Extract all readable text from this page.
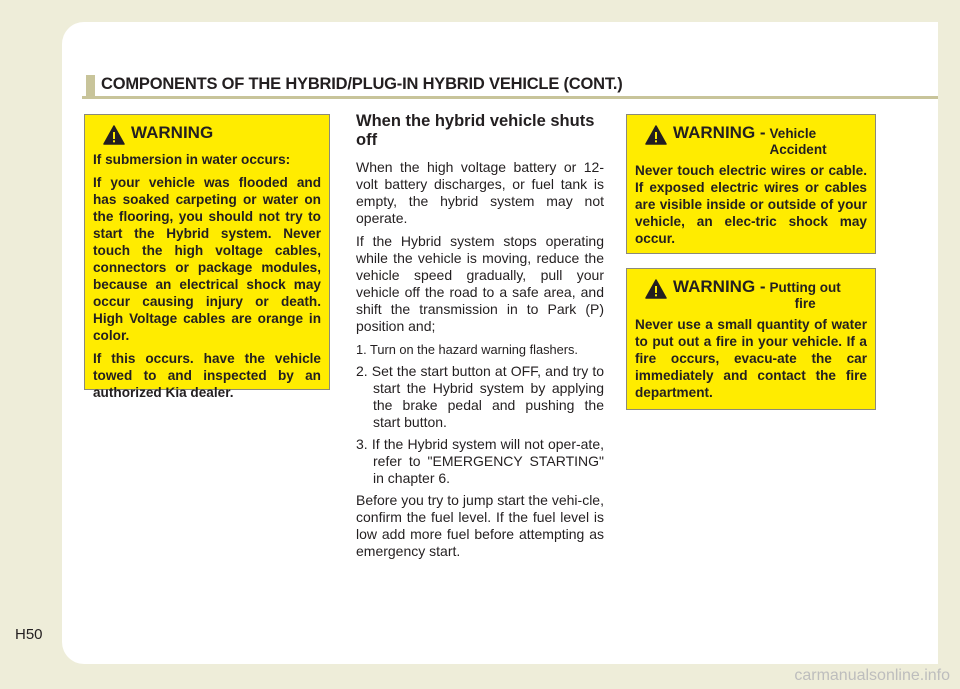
COMPONENTS OF THE HYBRID/PLUG-IN HYBRID VEHICLE (CONT.)
WARNING

If submersion in water occurs:

If your vehicle was flooded and has soaked carpeting or water on the flooring, you should not try to start the Hybrid system. Never touch the high voltage cables, connectors or package modules, because an electrical shock may occur causing injury or death. High Voltage cables are orange in color.

If this occurs. have the vehicle towed to and inspected by an authorized Kia dealer.

When the hybrid vehicle shuts off

When the high voltage battery or 12-volt battery discharges, or fuel tank is empty, the hybrid system may not operate.

If the Hybrid system stops operating while the vehicle is moving, reduce the vehicle speed gradually, pull your vehicle off the road to a safe area, and shift the transmission in to Park (P) position and;

1. Turn on the hazard warning flashers.
2. Set the start button at OFF, and try to start the Hybrid system by applying the brake pedal and pushing the start button.
3. If the Hybrid system will not oper-ate, refer to "EMERGENCY STARTING" in chapter 6.

Before you try to jump start the vehi-cle, confirm the fuel level. If the fuel level is low add more fuel before attempting as emergency start.

WARNING - Vehicle
Accident

Never touch electric wires or cable. If exposed electric wires or cables are visible inside or outside of your vehicle, an elec-tric shock may occur.

WARNING - Putting out
fire

Never use a small quantity of water to put out a fire in your vehicle. If a fire occurs, evacu-ate the car immediately and contact the fire department.

H50
carmanualsonline.info
